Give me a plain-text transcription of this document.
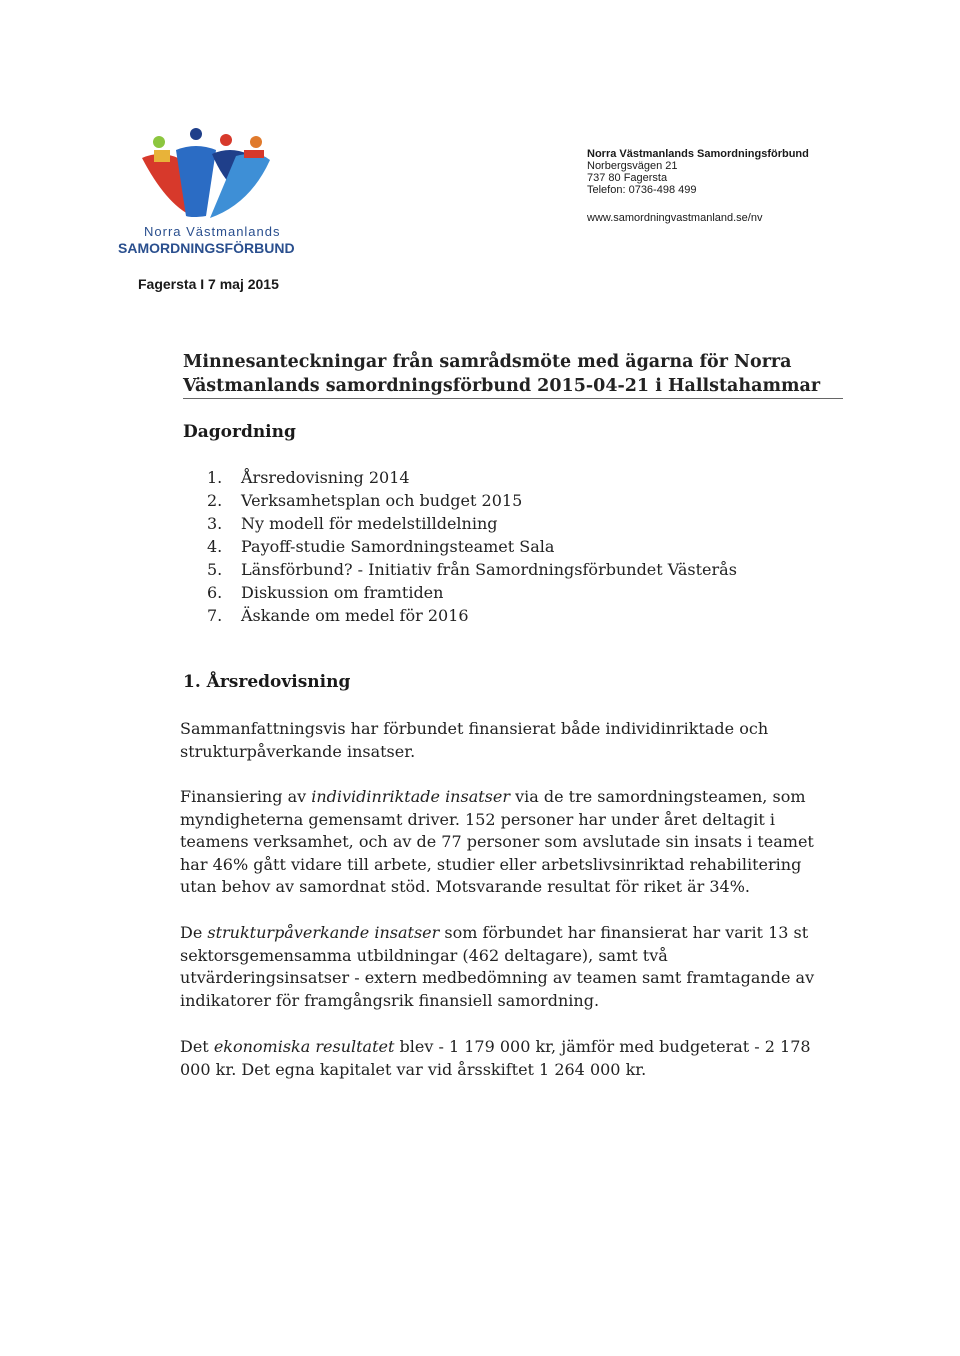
Norra Västmanlands
SAMORDNINGSFÖRBUND
Norra Västmanlands Samordningsförbund
Norbergsvägen 21
737 80 Fagersta
Telefon: 0736-498 499
www.samordningvastmanland.se/nv
Fagersta I 7 maj 2015
Minnesanteckningar från samrådsmöte med ägarna för Norra
Västmanlands samordningsförbund 2015-04-21 i Hallstahammar
Dagordning
1.	Årsredovisning 2014
2.	Verksamhetsplan och budget 2015
3.	Ny modell för medelstilldelning
4.	Payoff-studie Samordningsteamet Sala
5.	Länsförbund? - Initiativ från Samordningsförbundet Västerås
6.	Diskussion om framtiden
7.	Äskande om medel för 2016
1. Årsredovisning

Sammanfattningsvis har förbundet finansierat både individinriktade och strukturpåverkande insatser.

Finansiering av individinriktade insatser via de tre samordningsteamen, som myndigheterna gemensamt driver. 152 personer har under året deltagit i teamens verksamhet, och av de 77 personer som avslutade sin insats i teamet har 46% gått vidare till arbete, studier eller arbetslivsinriktad rehabilitering utan behov av samordnat stöd. Motsvarande resultat för riket är 34%.

De strukturpåverkande insatser som förbundet har finansierat har varit 13 st sektorsgemensamma utbildningar (462 deltagare), samt två utvärderingsinsatser - extern medbedömning av teamen samt framtagande av indikatorer för framgångsrik finansiell samordning.

Det ekonomiska resultatet blev - 1 179 000 kr, jämför med budgeterat - 2 178 000 kr. Det egna kapitalet var vid årsskiftet 1 264 000 kr.
